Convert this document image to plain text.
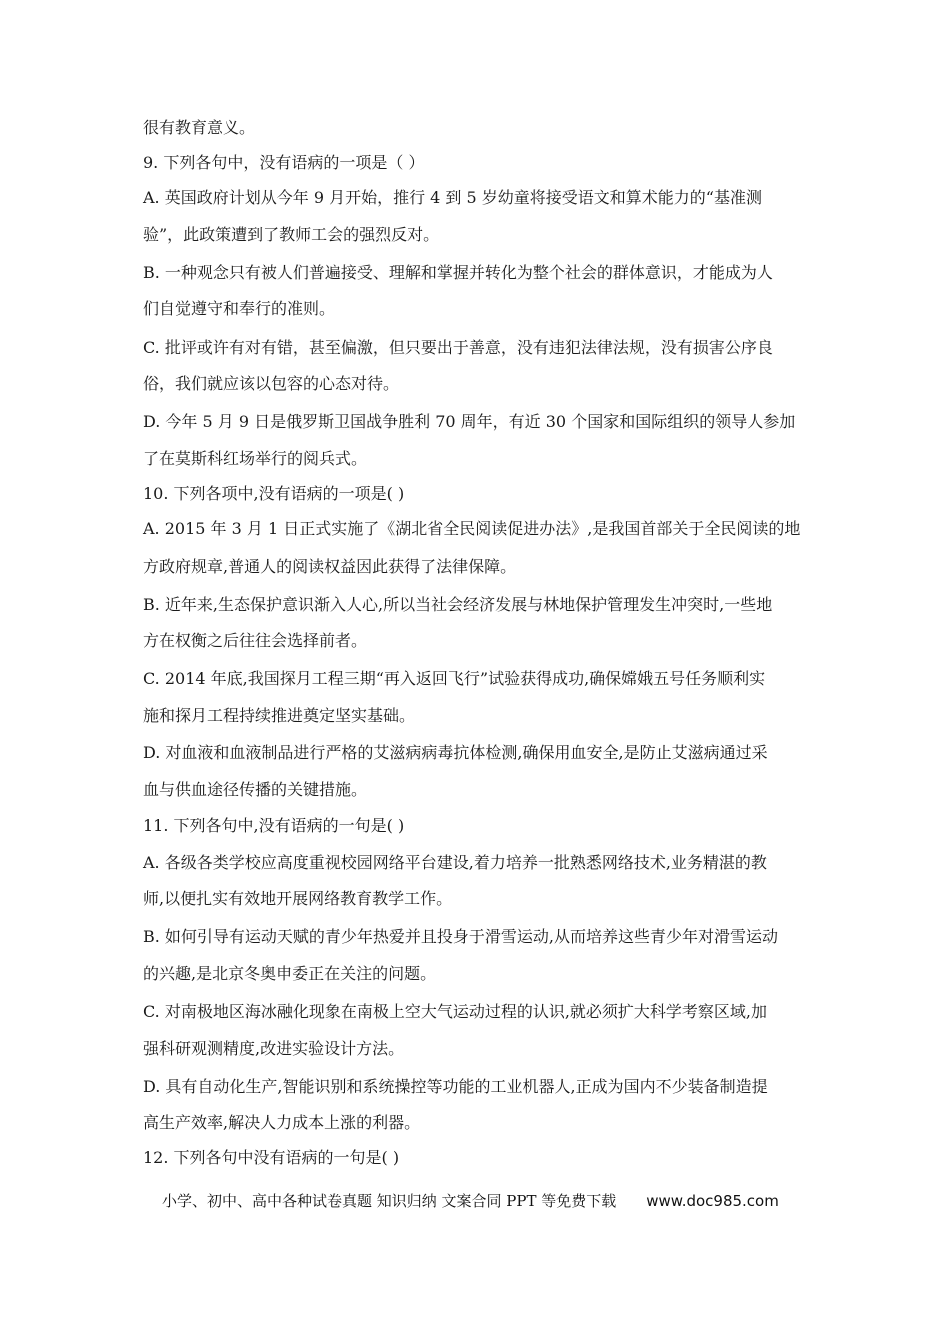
很有教育意义。
9. 下列各句中，没有语病的一项是（ ）
A. 英国政府计划从今年 9 月开始，推行 4 到 5 岁幼童将接受语文和算术能力的“基准测
验”，此政策遭到了教师工会的强烈反对。
B. 一种观念只有被人们普遍接受、理解和掌握并转化为整个社会的群体意识，才能成为人
们自觉遵守和奉行的准则。
C. 批评或许有对有错，甚至偏激，但只要出于善意，没有违犯法律法规，没有损害公序良
俗，我们就应该以包容的心态对待。
D. 今年 5 月 9 日是俄罗斯卫国战争胜利 70 周年，有近 30 个国家和国际组织的领导人参加
了在莫斯科红场举行的阅兵式。
10. 下列各项中,没有语病的一项是( )
A. 2015 年 3 月 1 日正式实施了《湖北省全民阅读促进办法》,是我国首部关于全民阅读的地
方政府规章,普通人的阅读权益因此获得了法律保障。
B. 近年来,生态保护意识渐入人心,所以当社会经济发展与林地保护管理发生冲突时,一些地
方在权衡之后往往会选择前者。
C. 2014 年底,我国探月工程三期“再入返回飞行”试验获得成功,确保嫦娥五号任务顺利实
施和探月工程持续推进奠定坚实基础。
D. 对血液和血液制品进行严格的艾滋病病毒抗体检测,确保用血安全,是防止艾滋病通过采
血与供血途径传播的关键措施。
11. 下列各句中,没有语病的一句是( )
A. 各级各类学校应高度重视校园网络平台建设,着力培养一批熟悉网络技术,业务精湛的教
师,以便扎实有效地开展网络教育教学工作。
B. 如何引导有运动天赋的青少年热爱并且投身于滑雪运动,从而培养这些青少年对滑雪运动
的兴趣,是北京冬奥申委正在关注的问题。
C. 对南极地区海冰融化现象在南极上空大气运动过程的认识,就必须扩大科学考察区域,加
强科研观测精度,改进实验设计方法。
D. 具有自动化生产,智能识别和系统操控等功能的工业机器人,正成为国内不少装备制造提
高生产效率,解决人力成本上涨的利器。
12. 下列各句中没有语病的一句是( )
小学、初中、高中各种试卷真题 知识归纳 文案合同 PPT 等免费下载 www.doc985.com
